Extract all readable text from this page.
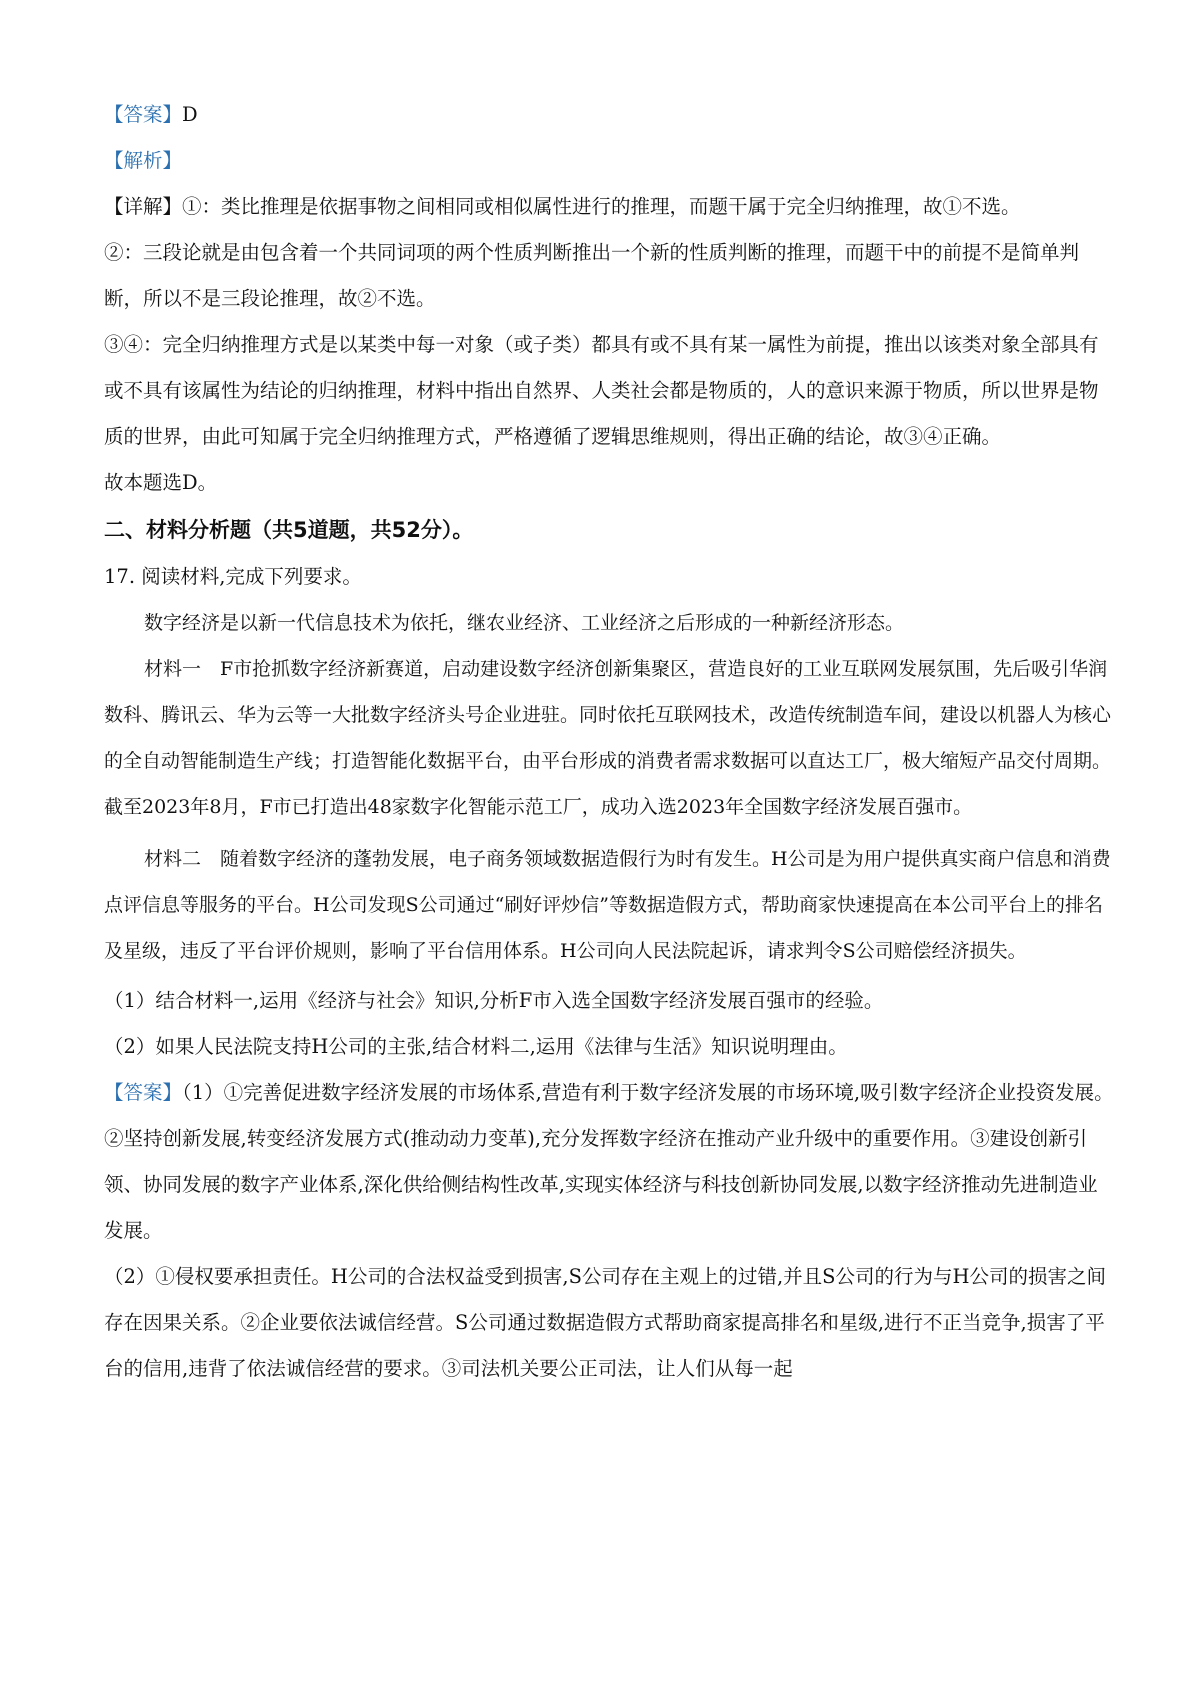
【答案】D

【解析】

【详解】①：类比推理是依据事物之间相同或相似属性进行的推理，而题干属于完全归纳推理，故①不选。

②：三段论就是由包含着一个共同词项的两个性质判断推出一个新的性质判断的推理，而题干中的前提不是简单判断，所以不是三段论推理，故②不选。

③④：完全归纳推理方式是以某类中每一对象（或子类）都具有或不具有某一属性为前提，推出以该类对象全部具有或不具有该属性为结论的归纳推理，材料中指出自然界、人类社会都是物质的，人的意识来源于物质，所以世界是物质的世界，由此可知属于完全归纳推理方式，严格遵循了逻辑思维规则，得出正确的结论，故③④正确。

故本题选D。

二、材料分析题（共5道题，共52分）。

17. 阅读材料,完成下列要求。

数字经济是以新一代信息技术为依托，继农业经济、工业经济之后形成的一种新经济形态。

材料一　F市抢抓数字经济新赛道，启动建设数字经济创新集聚区，营造良好的工业互联网发展氛围，先后吸引华润数科、腾讯云、华为云等一大批数字经济头号企业进驻。同时依托互联网技术，改造传统制造车间，建设以机器人为核心的全自动智能制造生产线；打造智能化数据平台，由平台形成的消费者需求数据可以直达工厂，极大缩短产品交付周期。截至2023年8月，F市已打造出48家数字化智能示范工厂，成功入选2023年全国数字经济发展百强市。

材料二　随着数字经济的蓬勃发展，电子商务领域数据造假行为时有发生。H公司是为用户提供真实商户信息和消费点评信息等服务的平台。H公司发现S公司通过“刷好评炒信”等数据造假方式，帮助商家快速提高在本公司平台上的排名及星级，违反了平台评价规则，影响了平台信用体系。H公司向人民法院起诉，请求判令S公司赔偿经济损失。

（1）结合材料一,运用《经济与社会》知识,分析F市入选全国数字经济发展百强市的经验。

（2）如果人民法院支持H公司的主张,结合材料二,运用《法律与生活》知识说明理由。

【答案】（1）①完善促进数字经济发展的市场体系,营造有利于数字经济发展的市场环境,吸引数字经济企业投资发展。②坚持创新发展,转变经济发展方式(推动动力变革),充分发挥数字经济在推动产业升级中的重要作用。③建设创新引领、协同发展的数字产业体系,深化供给侧结构性改革,实现实体经济与科技创新协同发展,以数字经济推动先进制造业发展。

（2）①侵权要承担责任。H公司的合法权益受到损害,S公司存在主观上的过错,并且S公司的行为与H公司的损害之间存在因果关系。②企业要依法诚信经营。S公司通过数据造假方式帮助商家提高排名和星级,进行不正当竞争,损害了平台的信用,违背了依法诚信经营的要求。③司法机关要公正司法，让人们从每一起
